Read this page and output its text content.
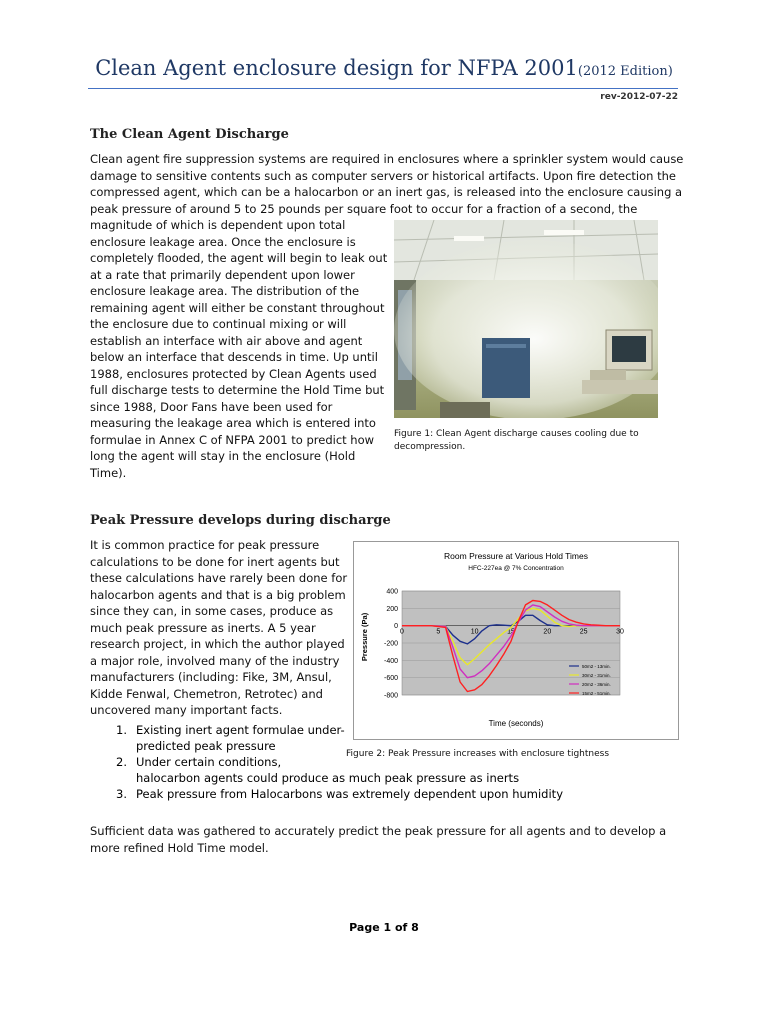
Clean Agent enclosure design for NFPA 2001(2012 Edition)
rev-2012-07-22
The Clean Agent Discharge
Clean agent fire suppression systems are required in enclosures where a sprinkler system would cause
damage to sensitive contents such as computer servers or historical artifacts. Upon fire detection the
compressed agent, which can be a halocarbon or an inert gas, is released into the enclosure causing a
peak pressure of around 5 to 25 pounds per square foot to occur for a fraction of a second, the
magnitude of which is dependent upon total
enclosure leakage area. Once the enclosure is
completely flooded, the agent will begin to leak out
at a rate that primarily dependent upon lower
enclosure leakage area. The distribution of the
remaining agent will either be constant throughout
the enclosure due to continual mixing or will
establish an interface with air above and agent
below an interface that descends in time. Up until
1988, enclosures protected by Clean Agents used
full discharge tests to determine the Hold Time but
since 1988, Door Fans have been used for
measuring the leakage area which is entered into
formulae in Annex C of NFPA 2001 to predict how
long the agent will stay in the enclosure (Hold
Time).
Figure 1: Clean Agent discharge causes cooling due to
decompression.
Peak Pressure develops during discharge
It is common practice for peak pressure
calculations to be done for inert agents but
these calculations have rarely been done for
halocarbon agents and that is a big problem
since they can, in some cases, produce as
much peak pressure as inerts. A 5 year
research project, in which the author played
a major role, involved many of the industry
manufacturers (including: Fike, 3M, Ansul,
Kidde Fenwal, Chemetron, Retrotec) and
uncovered many important facts.
Room Pressure at Various Hold Times
HFC-227ea @ 7% Concentration
Time (seconds)
Pressure (Pa)
400
200
0
-200
-400
-600
-800
0	5	10	15	20	25	30
50m2 - 13min.
30m2 - 31min.
20m2 - 36min.
15m2 - 51min.
Figure 2: Peak Pressure increases with enclosure tightness
1. Existing inert agent formulae under-
predicted peak pressure
2. Under certain conditions,
halocarbon agents could produce as much peak pressure as inerts
3. Peak pressure from Halocarbons was extremely dependent upon humidity
Sufficient data was gathered to accurately predict the peak pressure for all agents and to develop a
more refined Hold Time model.
Page 1 of 8
